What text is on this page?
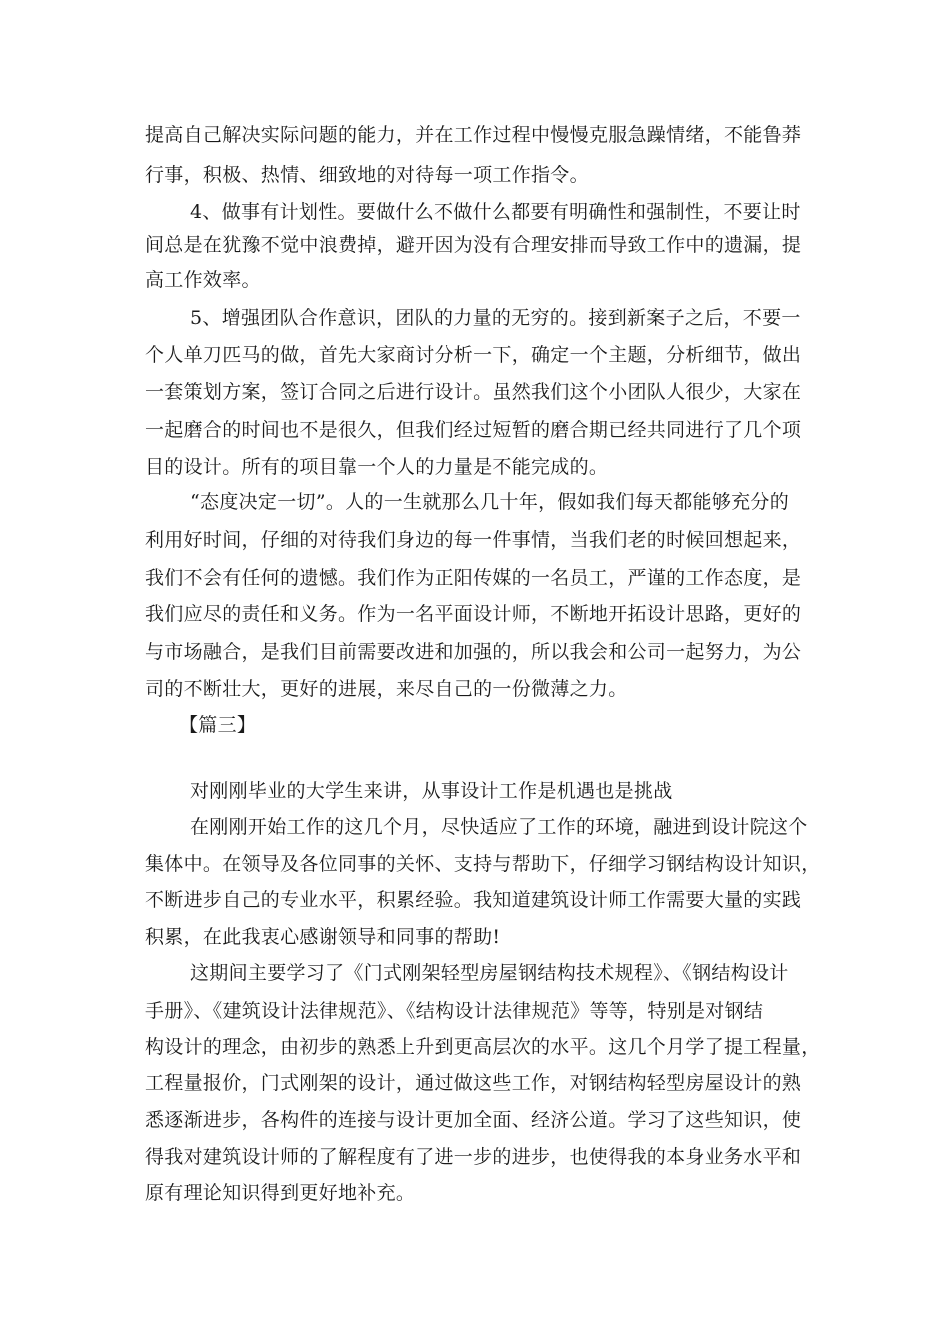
提高自己解决实际问题的能力，并在工作过程中慢慢克服急躁情绪，不能鲁莽
行事，积极、热情、细致地的对待每一项工作指令。
4、做事有计划性。要做什么不做什么都要有明确性和强制性，不要让时
间总是在犹豫不觉中浪费掉，避开因为没有合理安排而导致工作中的遗漏，提
高工作效率。
5、增强团队合作意识，团队的力量的无穷的。接到新案子之后，不要一
个人单刀匹马的做，首先大家商讨分析一下，确定一个主题，分析细节，做出
一套策划方案，签订合同之后进行设计。虽然我们这个小团队人很少，大家在
一起磨合的时间也不是很久，但我们经过短暂的磨合期已经共同进行了几个项
目的设计。所有的项目靠一个人的力量是不能完成的。
“态度决定一切”。人的一生就那么几十年，假如我们每天都能够充分的
利用好时间，仔细的对待我们身边的每一件事情，当我们老的时候回想起来，
我们不会有任何的遗憾。我们作为正阳传媒的一名员工，严谨的工作态度，是
我们应尽的责任和义务。作为一名平面设计师，不断地开拓设计思路，更好的
与市场融合，是我们目前需要改进和加强的，所以我会和公司一起努力，为公
司的不断壮大，更好的进展，来尽自己的一份微薄之力。
【篇三】
对刚刚毕业的大学生来讲，从事设计工作是机遇也是挑战
在刚刚开始工作的这几个月，尽快适应了工作的环境，融进到设计院这个
集体中。在领导及各位同事的关怀、支持与帮助下，仔细学习钢结构设计知识，
不断进步自己的专业水平，积累经验。我知道建筑设计师工作需要大量的实践
积累，在此我衷心感谢领导和同事的帮助!
这期间主要学习了《门式刚架轻型房屋钢结构技术规程》、《钢结构设计
手册》、《建筑设计法律规范》、《结构设计法律规范》等等，特别是对钢结
构设计的理念，由初步的熟悉上升到更高层次的水平。这几个月学了提工程量，
工程量报价，门式刚架的设计，通过做这些工作，对钢结构轻型房屋设计的熟
悉逐渐进步，各构件的连接与设计更加全面、经济公道。学习了这些知识，使
得我对建筑设计师的了解程度有了进一步的进步，也使得我的本身业务水平和
原有理论知识得到更好地补充。
